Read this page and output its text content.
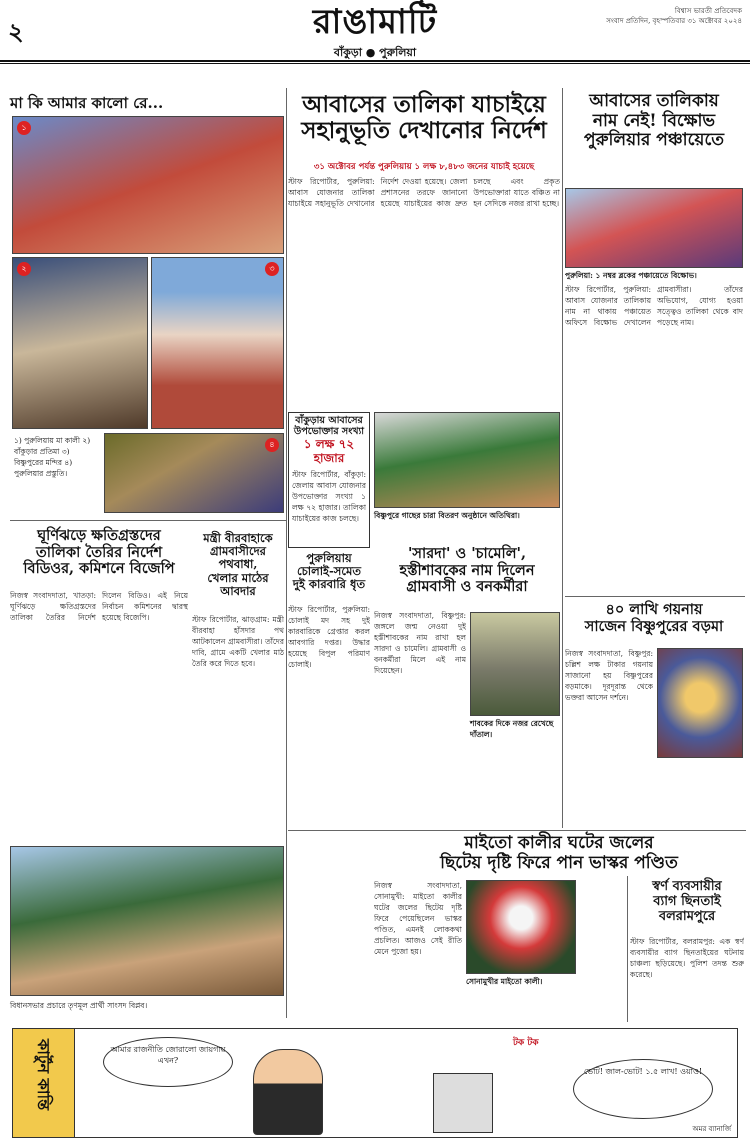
২	রাঙামাটি	বিশ্বাস ভারতী প্রতিবেদক
সংবাদ প্রতিদিন, বৃহস্পতিবার ৩১ অক্টোবর ২০২৪
বাঁকুড়া ● পুরুলিয়া
মা কি আমার কালো রে...
১
২	৩
৪
১) পুরুলিয়ায় মা কালী ২) বাঁকুড়ার প্রতিমা ৩) বিষ্ণুপুরের মন্দির ৪) পুরুলিয়ার প্রস্তুতি।
আবাসের তালিকা যাচাইয়ে
সহানুভূতি দেখানোর নির্দেশ
৩১ অক্টোবর পর্যন্ত পুরুলিয়ায় ১ লক্ষ ৮,৪৮৩ জনের যাচাই হয়েছে
স্টাফ রিপোর্টার, পুরুলিয়া: আবাস যোজনার তালিকা যাচাইয়ে সহানুভূতি দেখানোর নির্দেশ দেওয়া হয়েছে। জেলা প্রশাসনের তরফে জানানো হয়েছে যাচাইয়ের কাজ দ্রুত চলছে এবং প্রকৃত উপভোক্তারা যাতে বঞ্চিত না হন সেদিকে নজর রাখা হচ্ছে।
আবাসের তালিকায়
নাম নেই! বিক্ষোভ
পুরুলিয়ার পঞ্চায়েতে
পুরুলিয়া: ১ নম্বর ব্লকের পঞ্চায়েতে বিক্ষোভ।
স্টাফ রিপোর্টার, পুরুলিয়া: আবাস যোজনার তালিকায় নাম না থাকায় পঞ্চায়েত অফিসে বিক্ষোভ দেখালেন গ্রামবাসীরা। তাঁদের অভিযোগ, যোগ্য হওয়া সত্ত্বেও তালিকা থেকে বাদ পড়েছে নাম।
বাঁকুড়ায় আবাসের
উপভোক্তার সংখ্যা
১ লক্ষ ৭২ হাজার
স্টাফ রিপোর্টার, বাঁকুড়া: জেলায় আবাস যোজনার উপভোক্তার সংখ্যা ১ লক্ষ ৭২ হাজার। তালিকা যাচাইয়ের কাজ চলছে।	বিষ্ণুপুরে গাছের চারা বিতরণ অনুষ্ঠানে অতিথিরা।
'সারদা' ও 'চামেলি',
হস্তীশাবকের নাম দিলেন
গ্রামবাসী ও বনকর্মীরা
নিজস্ব সংবাদদাতা, বিষ্ণুপুর: জঙ্গলে জন্ম নেওয়া দুই হস্তীশাবকের নাম রাখা হল সারদা ও চামেলি। গ্রামবাসী ও বনকর্মীরা মিলে এই নাম দিয়েছেন।
শাবকের দিকে নজর রেখেছে দাঁতাল।
পুরুলিয়ায়
চোলাই-সমেত
দুই কারবারি ধৃত
স্টাফ রিপোর্টার, পুরুলিয়া: চোলাই মদ সহ দুই কারবারিকে গ্রেপ্তার করল আবগারি দপ্তর। উদ্ধার হয়েছে বিপুল পরিমাণ চোলাই।
ঘূর্ণিঝড়ে ক্ষতিগ্রস্তদের
তালিকা তৈরির নির্দেশ
বিডিওর, কমিশনে বিজেপি
নিজস্ব সংবাদদাতা, খাতড়া: ঘূর্ণিঝড়ে ক্ষতিগ্রস্তদের তালিকা তৈরির নির্দেশ দিলেন বিডিও। এই নিয়ে নির্বাচন কমিশনের দ্বারস্থ হয়েছে বিজেপি।
বিধানসভার প্রচারে তৃণমূল প্রার্থী সাংসদ বিপ্লব।
মন্ত্রী বীরবাহাকে
গ্রামবাসীদের
পথবাধা,
খেলার মাঠের
আবদার
স্টাফ রিপোর্টার, ঝাড়গ্রাম: মন্ত্রী বীরবাহা হাঁসদার পথ আটকালেন গ্রামবাসীরা। তাঁদের দাবি, গ্রামে একটি খেলার মাঠ তৈরি করে দিতে হবে।
৪০ লাখি গয়নায়
সাজেন বিষ্ণুপুরের বড়মা
নিজস্ব সংবাদদাতা, বিষ্ণুপুর: চল্লিশ লক্ষ টাকার গয়নায় সাজানো হয় বিষ্ণুপুরের বড়মাকে। দূরদূরান্ত থেকে ভক্তরা আসেন দর্শনে।
মাইতো কালীর ঘটের জলের
ছিটেয় দৃষ্টি ফিরে পান ভাস্কর পণ্ডিত
নিজস্ব সংবাদদাতা, সোনামুখী: মাইতো কালীর ঘটের জলের ছিটেয় দৃষ্টি ফিরে পেয়েছিলেন ভাস্কর পণ্ডিত, এমনই লোককথা প্রচলিত। আজও সেই রীতি মেনে পুজো হয়।
সোনামুখীর মাইতো কালী।
স্বর্ণ ব্যবসায়ীর
ব্যাগ ছিনতাই
বলরামপুরে
স্টাফ রিপোর্টার, বলরামপুর: এক স্বর্ণ ব্যবসায়ীর ব্যাগ ছিনতাইয়ের ঘটনায় চাঞ্চল্য ছড়িয়েছে। পুলিশ তদন্ত শুরু করেছে।
কার্টুন কান্তি	আমার রাজনীতি জোরালো জায়গায় এখন?
টক টক
ভোট! জাল-ভোট! ১.৫ লাখ! ওয়াও!
অমর ব্যানার্জি
